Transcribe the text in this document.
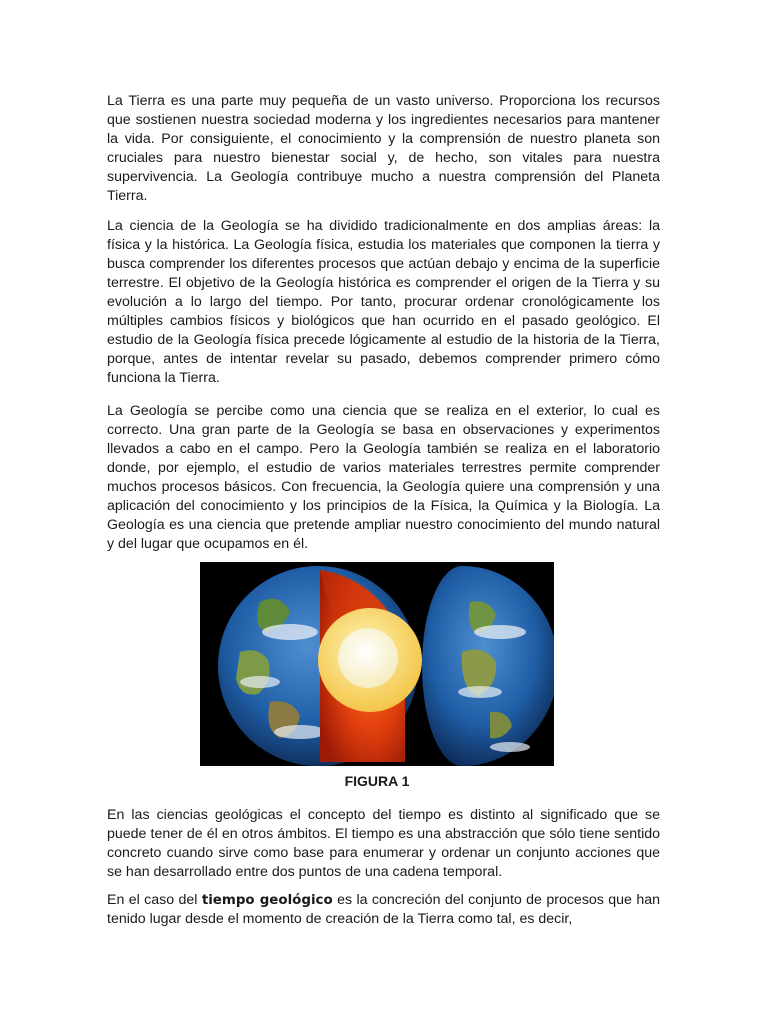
La Tierra es una parte muy pequeña de un vasto universo. Proporciona los recursos que sostienen nuestra sociedad moderna y los ingredientes necesarios para mantener la vida. Por consiguiente, el conocimiento y la comprensión de nuestro planeta son cruciales para nuestro bienestar social y, de hecho, son vitales para nuestra supervivencia. La Geología contribuye mucho a nuestra comprensión del Planeta Tierra.

La ciencia de la Geología se ha dividido tradicionalmente en dos amplias áreas: la física y la histórica. La Geología física, estudia los materiales que componen la tierra y busca comprender los diferentes procesos que actúan debajo y encima de la superficie terrestre. El objetivo de la Geología histórica es comprender el origen de la Tierra y su evolución a lo largo del tiempo. Por tanto, procurar ordenar cronológicamente los múltiples cambios físicos y biológicos que han ocurrido en el pasado geológico. El estudio de la Geología física precede lógicamente al estudio de la historia de la Tierra, porque, antes de intentar revelar su pasado, debemos comprender primero cómo funciona la Tierra.

La Geología se percibe como una ciencia que se realiza en el exterior, lo cual es correcto. Una gran parte de la Geología se basa en observaciones y experimentos llevados a cabo en el campo. Pero la Geología también se realiza en el laboratorio donde, por ejemplo, el estudio de varios materiales terrestres permite comprender muchos procesos básicos. Con frecuencia, la Geología quiere una comprensión y una aplicación del conocimiento y los principios de la Física, la Química y la Biología. La Geología es una ciencia que pretende ampliar nuestro conocimiento del mundo natural y del lugar que ocupamos en él.

FIGURA 1

En las ciencias geológicas el concepto del tiempo es distinto al significado que se puede tener de él en otros ámbitos. El tiempo es una abstracción que sólo tiene sentido concreto cuando sirve como base para enumerar y ordenar un conjunto acciones que se han desarrollado entre dos puntos de una cadena temporal.

En el caso del tiempo geológico es la concreción del conjunto de procesos que han tenido lugar desde el momento de creación de la Tierra como tal, es decir,
